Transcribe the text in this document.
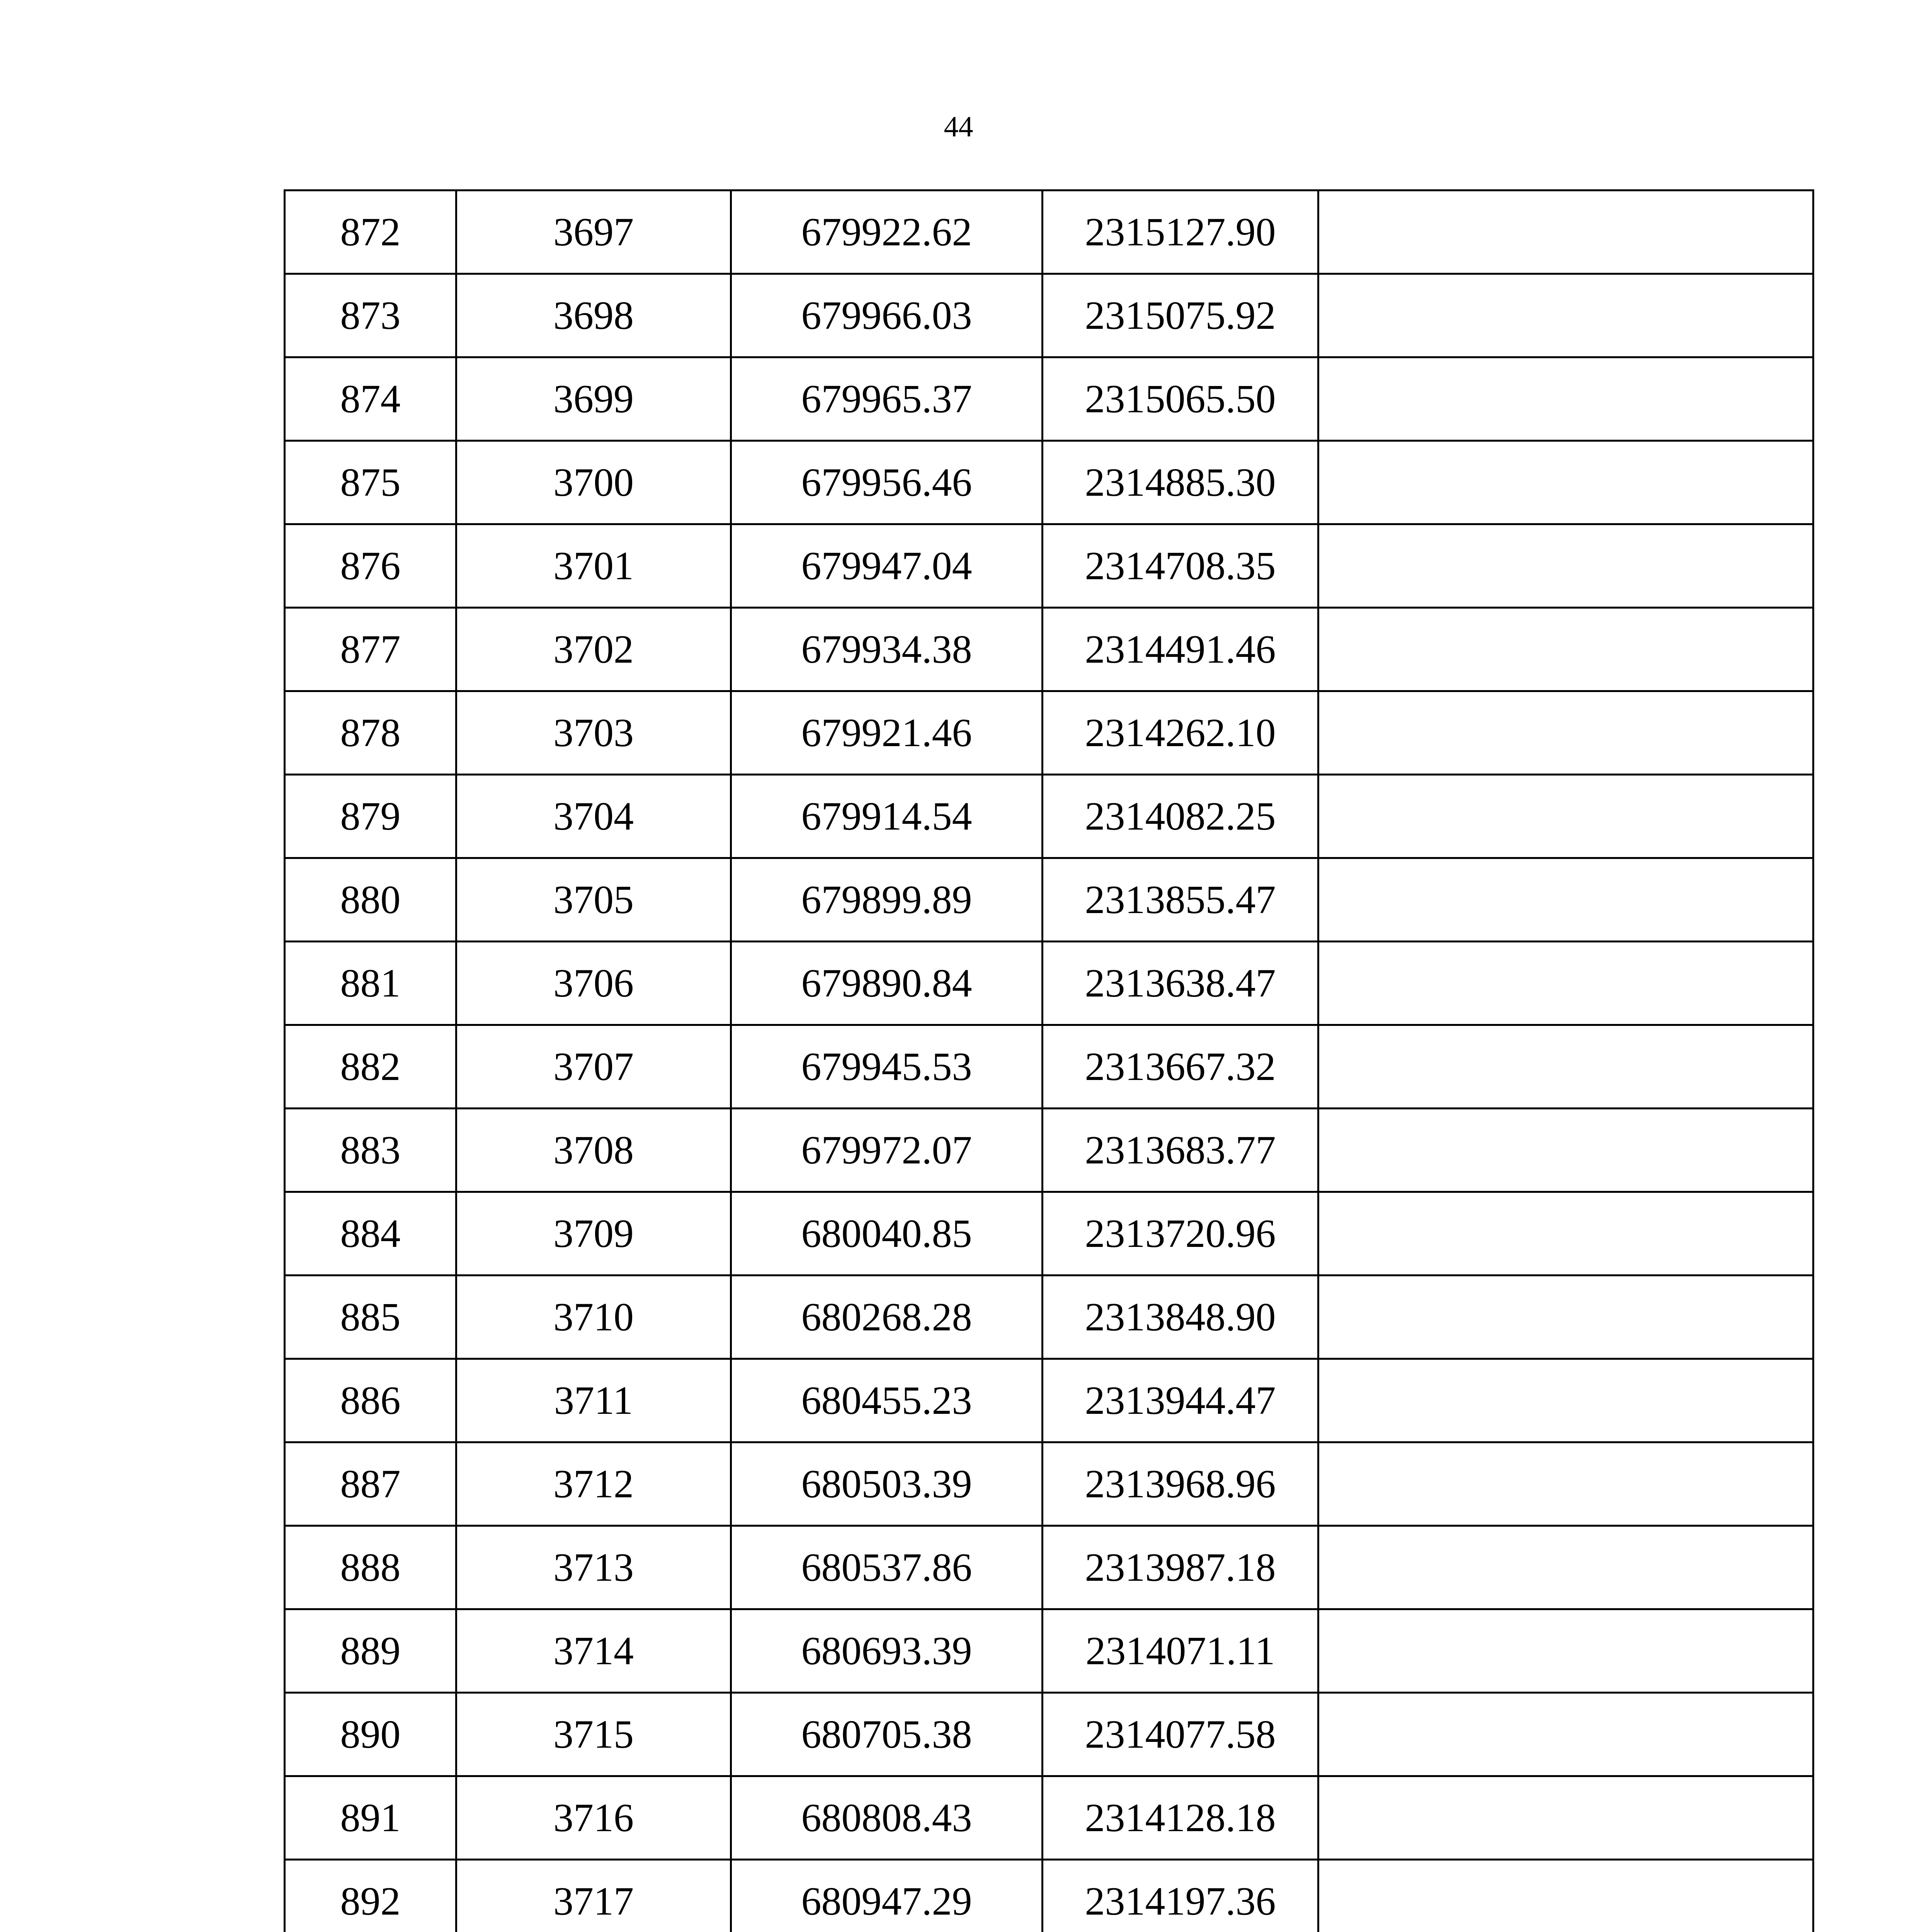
44
872	3697	679922.62	2315127.90	
873	3698	679966.03	2315075.92	
874	3699	679965.37	2315065.50	
875	3700	679956.46	2314885.30	
876	3701	679947.04	2314708.35	
877	3702	679934.38	2314491.46	
878	3703	679921.46	2314262.10	
879	3704	679914.54	2314082.25	
880	3705	679899.89	2313855.47	
881	3706	679890.84	2313638.47	
882	3707	679945.53	2313667.32	
883	3708	679972.07	2313683.77	
884	3709	680040.85	2313720.96	
885	3710	680268.28	2313848.90	
886	3711	680455.23	2313944.47	
887	3712	680503.39	2313968.96	
888	3713	680537.86	2313987.18	
889	3714	680693.39	2314071.11	
890	3715	680705.38	2314077.58	
891	3716	680808.43	2314128.18	
892	3717	680947.29	2314197.36	
